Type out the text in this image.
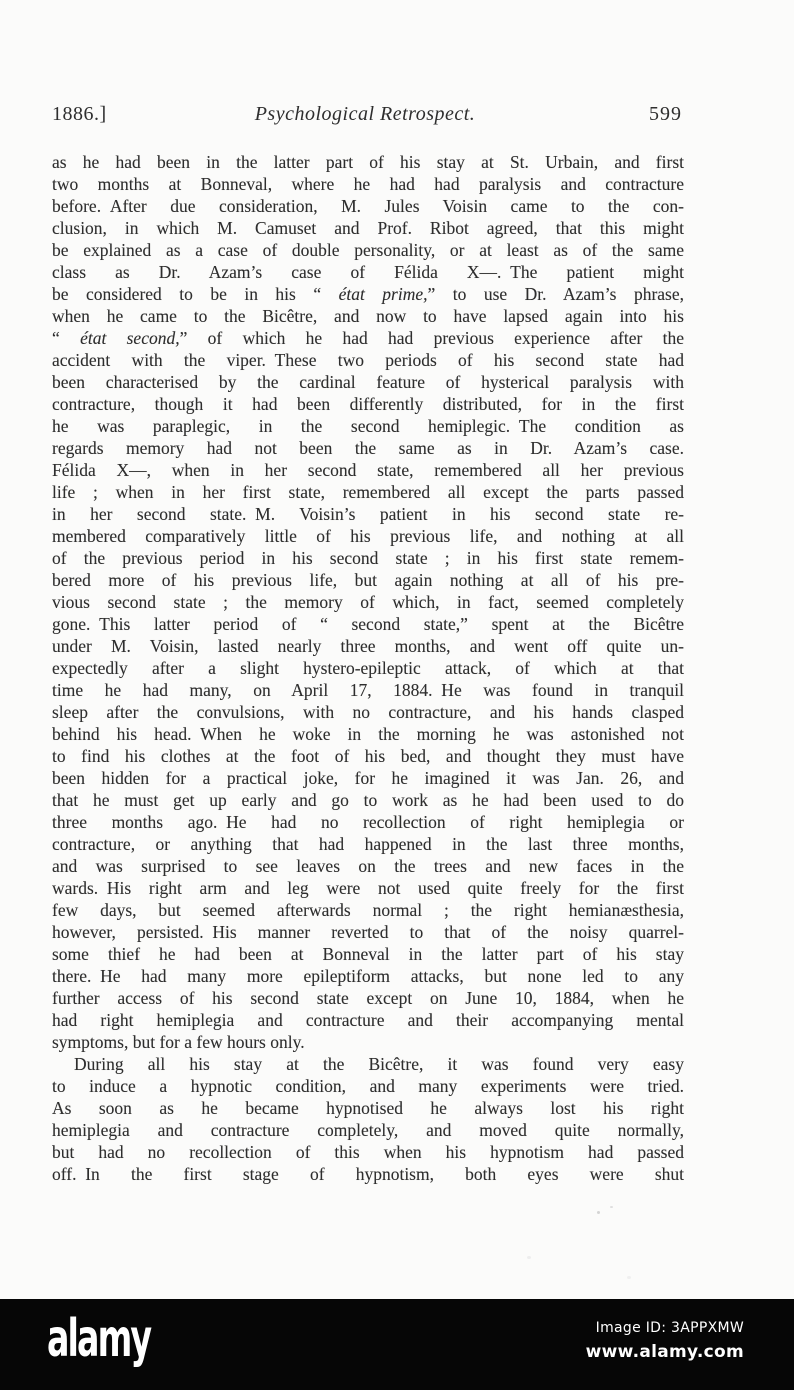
1886.]	Psychological Retrospect.	599
as he had been in the latter part of his stay at St. Urbain, and first
two months at Bonneval, where he had had paralysis and contracture
before. After due consideration, M. Jules Voisin came to the con-
clusion, in which M. Camuset and Prof. Ribot agreed, that this might
be explained as a case of double personality, or at least as of the same
class as Dr. Azam’s case of Félida X—. The patient might
be considered to be in his “ état prime,” to use Dr. Azam’s phrase,
when he came to the Bicêtre, and now to have lapsed again into his
“ état second,” of which he had had previous experience after the
accident with the viper. These two periods of his second state had
been characterised by the cardinal feature of hysterical paralysis with
contracture, though it had been differently distributed, for in the first
he was paraplegic, in the second hemiplegic. The condition as
regards memory had not been the same as in Dr. Azam’s case.
Félida X—, when in her second state, remembered all her previous
life ; when in her first state, remembered all except the parts passed
in her second state. M. Voisin’s patient in his second state re-
membered comparatively little of his previous life, and nothing at all
of the previous period in his second state ; in his first state remem-
bered more of his previous life, but again nothing at all of his pre-
vious second state ; the memory of which, in fact, seemed completely
gone. This latter period of “ second state,” spent at the Bicêtre
under M. Voisin, lasted nearly three months, and went off quite un-
expectedly after a slight hystero-epileptic attack, of which at that
time he had many, on April 17, 1884. He was found in tranquil
sleep after the convulsions, with no contracture, and his hands clasped
behind his head. When he woke in the morning he was astonished not
to find his clothes at the foot of his bed, and thought they must have
been hidden for a practical joke, for he imagined it was Jan. 26, and
that he must get up early and go to work as he had been used to do
three months ago. He had no recollection of right hemiplegia or
contracture, or anything that had happened in the last three months,
and was surprised to see leaves on the trees and new faces in the
wards. His right arm and leg were not used quite freely for the first
few days, but seemed afterwards normal ; the right hemianæsthesia,
however, persisted. His manner reverted to that of the noisy quarrel-
some thief he had been at Bonneval in the latter part of his stay
there. He had many more epileptiform attacks, but none led to any
further access of his second state except on June 10, 1884, when he
had right hemiplegia and contracture and their accompanying mental
symptoms, but for a few hours only.
During all his stay at the Bicêtre, it was found very easy
to induce a hypnotic condition, and many experiments were tried.
As soon as he became hypnotised he always lost his right
hemiplegia and contracture completely, and moved quite normally,
but had no recollection of this when his hypnotism had passed
off. In the first stage of hypnotism, both eyes were shut
alamy	Image ID: 3APPXMW
www.alamy.com
